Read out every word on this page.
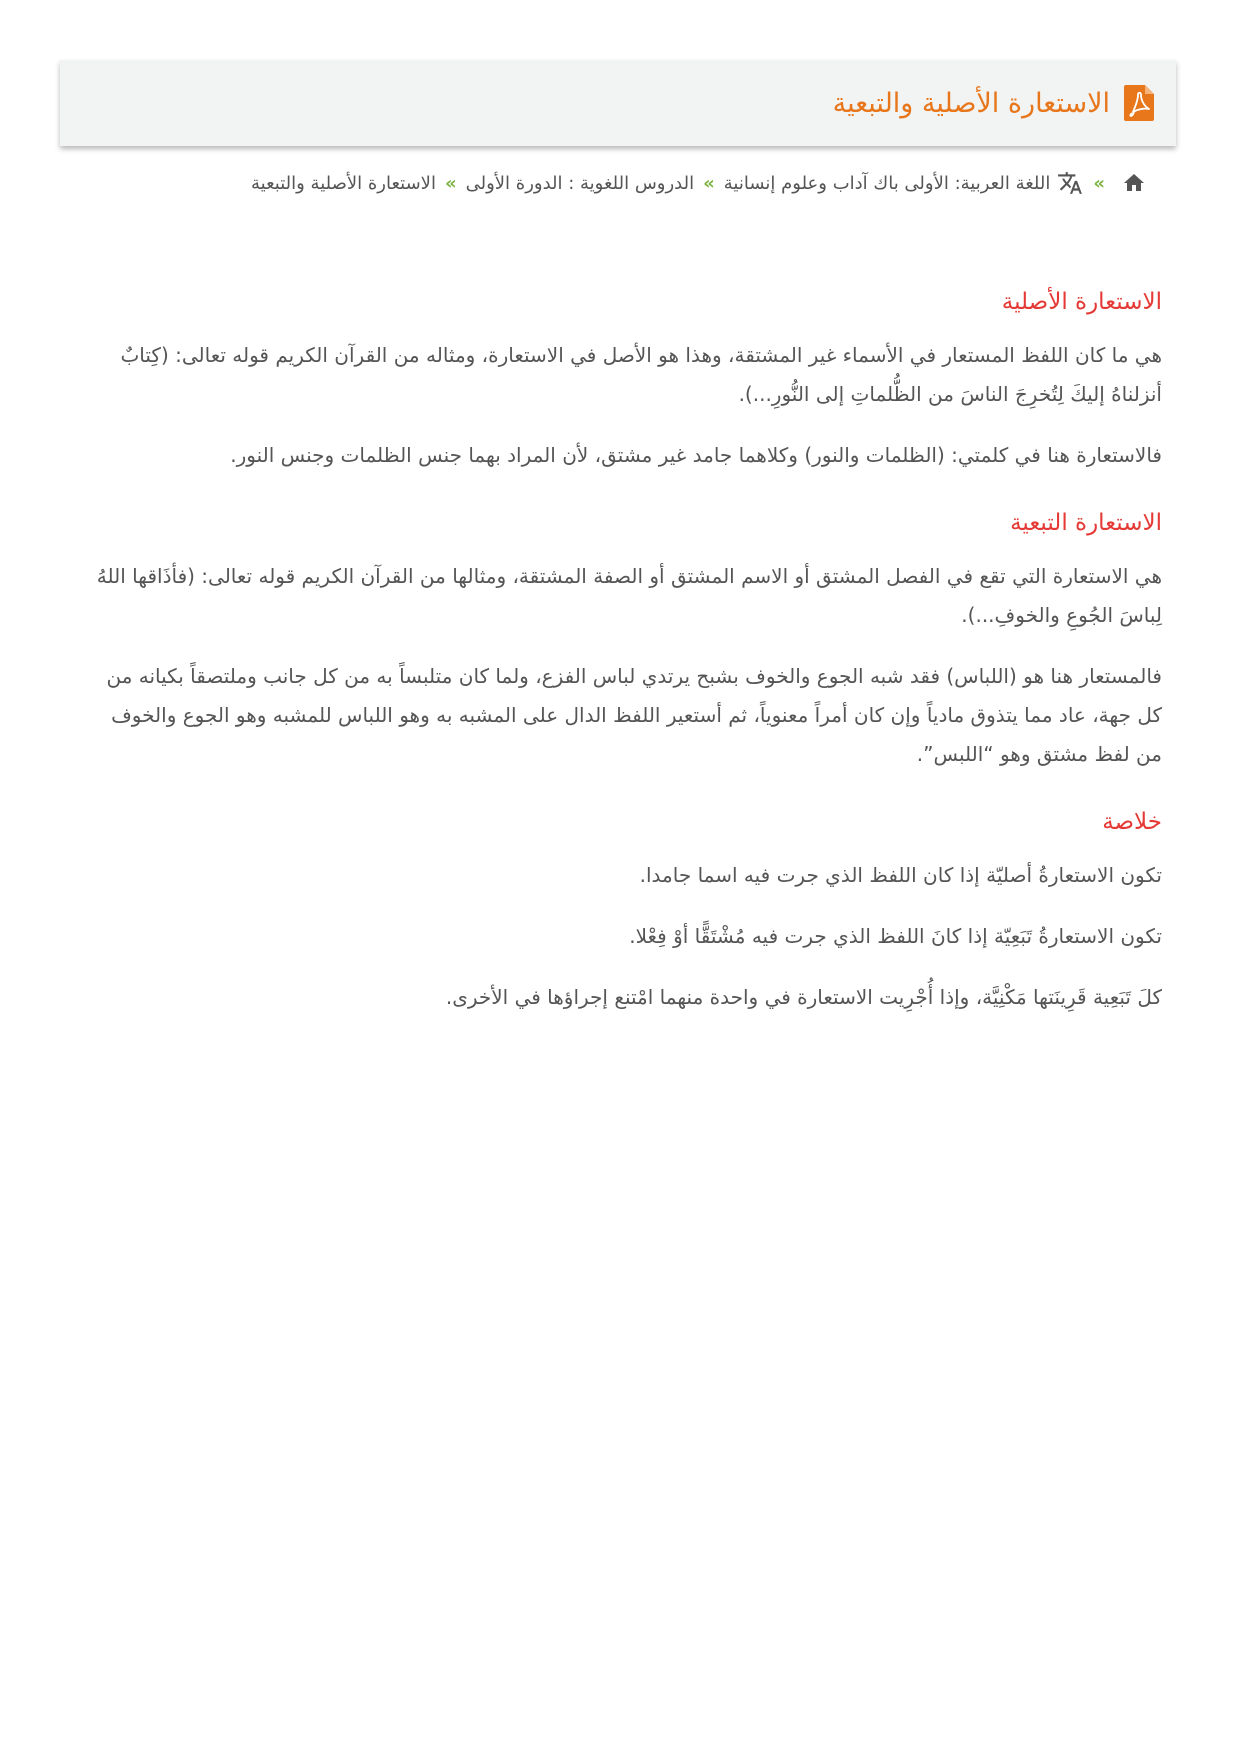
الاستعارة الأصلية والتبعية
»
اللغة العربية: الأولى باك آداب وعلوم إنسانية
»
الدروس اللغوية : الدورة الأولى
»
الاستعارة الأصلية والتبعية
الاستعارة الأصلية

هي ما كان اللفظ المستعار في الأسماء غير المشتقة، وهذا هو الأصل في الاستعارة، ومثاله من القرآن الكريم قوله تعالى: (كِتابٌ أنزلناهُ إليكَ لِتُخرِجَ الناسَ من الظُّلماتِ إلى النُّورِ...).

فالاستعارة هنا في كلمتي: (الظلمات والنور) وكلاهما جامد غير مشتق، لأن المراد بهما جنس الظلمات وجنس النور.

الاستعارة التبعية

هي الاستعارة التي تقع في الفصل المشتق أو الاسم المشتق أو الصفة المشتقة، ومثالها من القرآن الكريم قوله تعالى: (فأذَاقها اللهُ لِباسَ الجُوعِ والخوفِ...).

فالمستعار هنا هو (اللباس) فقد شبه الجوع والخوف بشبح يرتدي لباس الفزع، ولما كان متلبساً به من كل جانب وملتصقاً بكيانه من كل جهة، عاد مما يتذوق مادياً وإن كان أمراً معنوياً، ثم أستعير اللفظ الدال على المشبه به وهو اللباس للمشبه وهو الجوع والخوف من لفظ مشتق وهو “اللبس”.

خلاصة

تكون الاستعارةُ أصليّة إذا كان اللفظ الذي جرت فيه اسما جامدا.

تكون الاستعارةُ تَبَعِيّة إذا كانَ اللفظ الذي جرت فيه مُشْتَقًّا أوْ فِعْلا.

كلَ تَبَعِية قَرِينَتها مَكْنِيَّة، وإذا أُجْرِيت الاستعارة في واحدة منهما امْتنع إجراؤها في الأخرى.
